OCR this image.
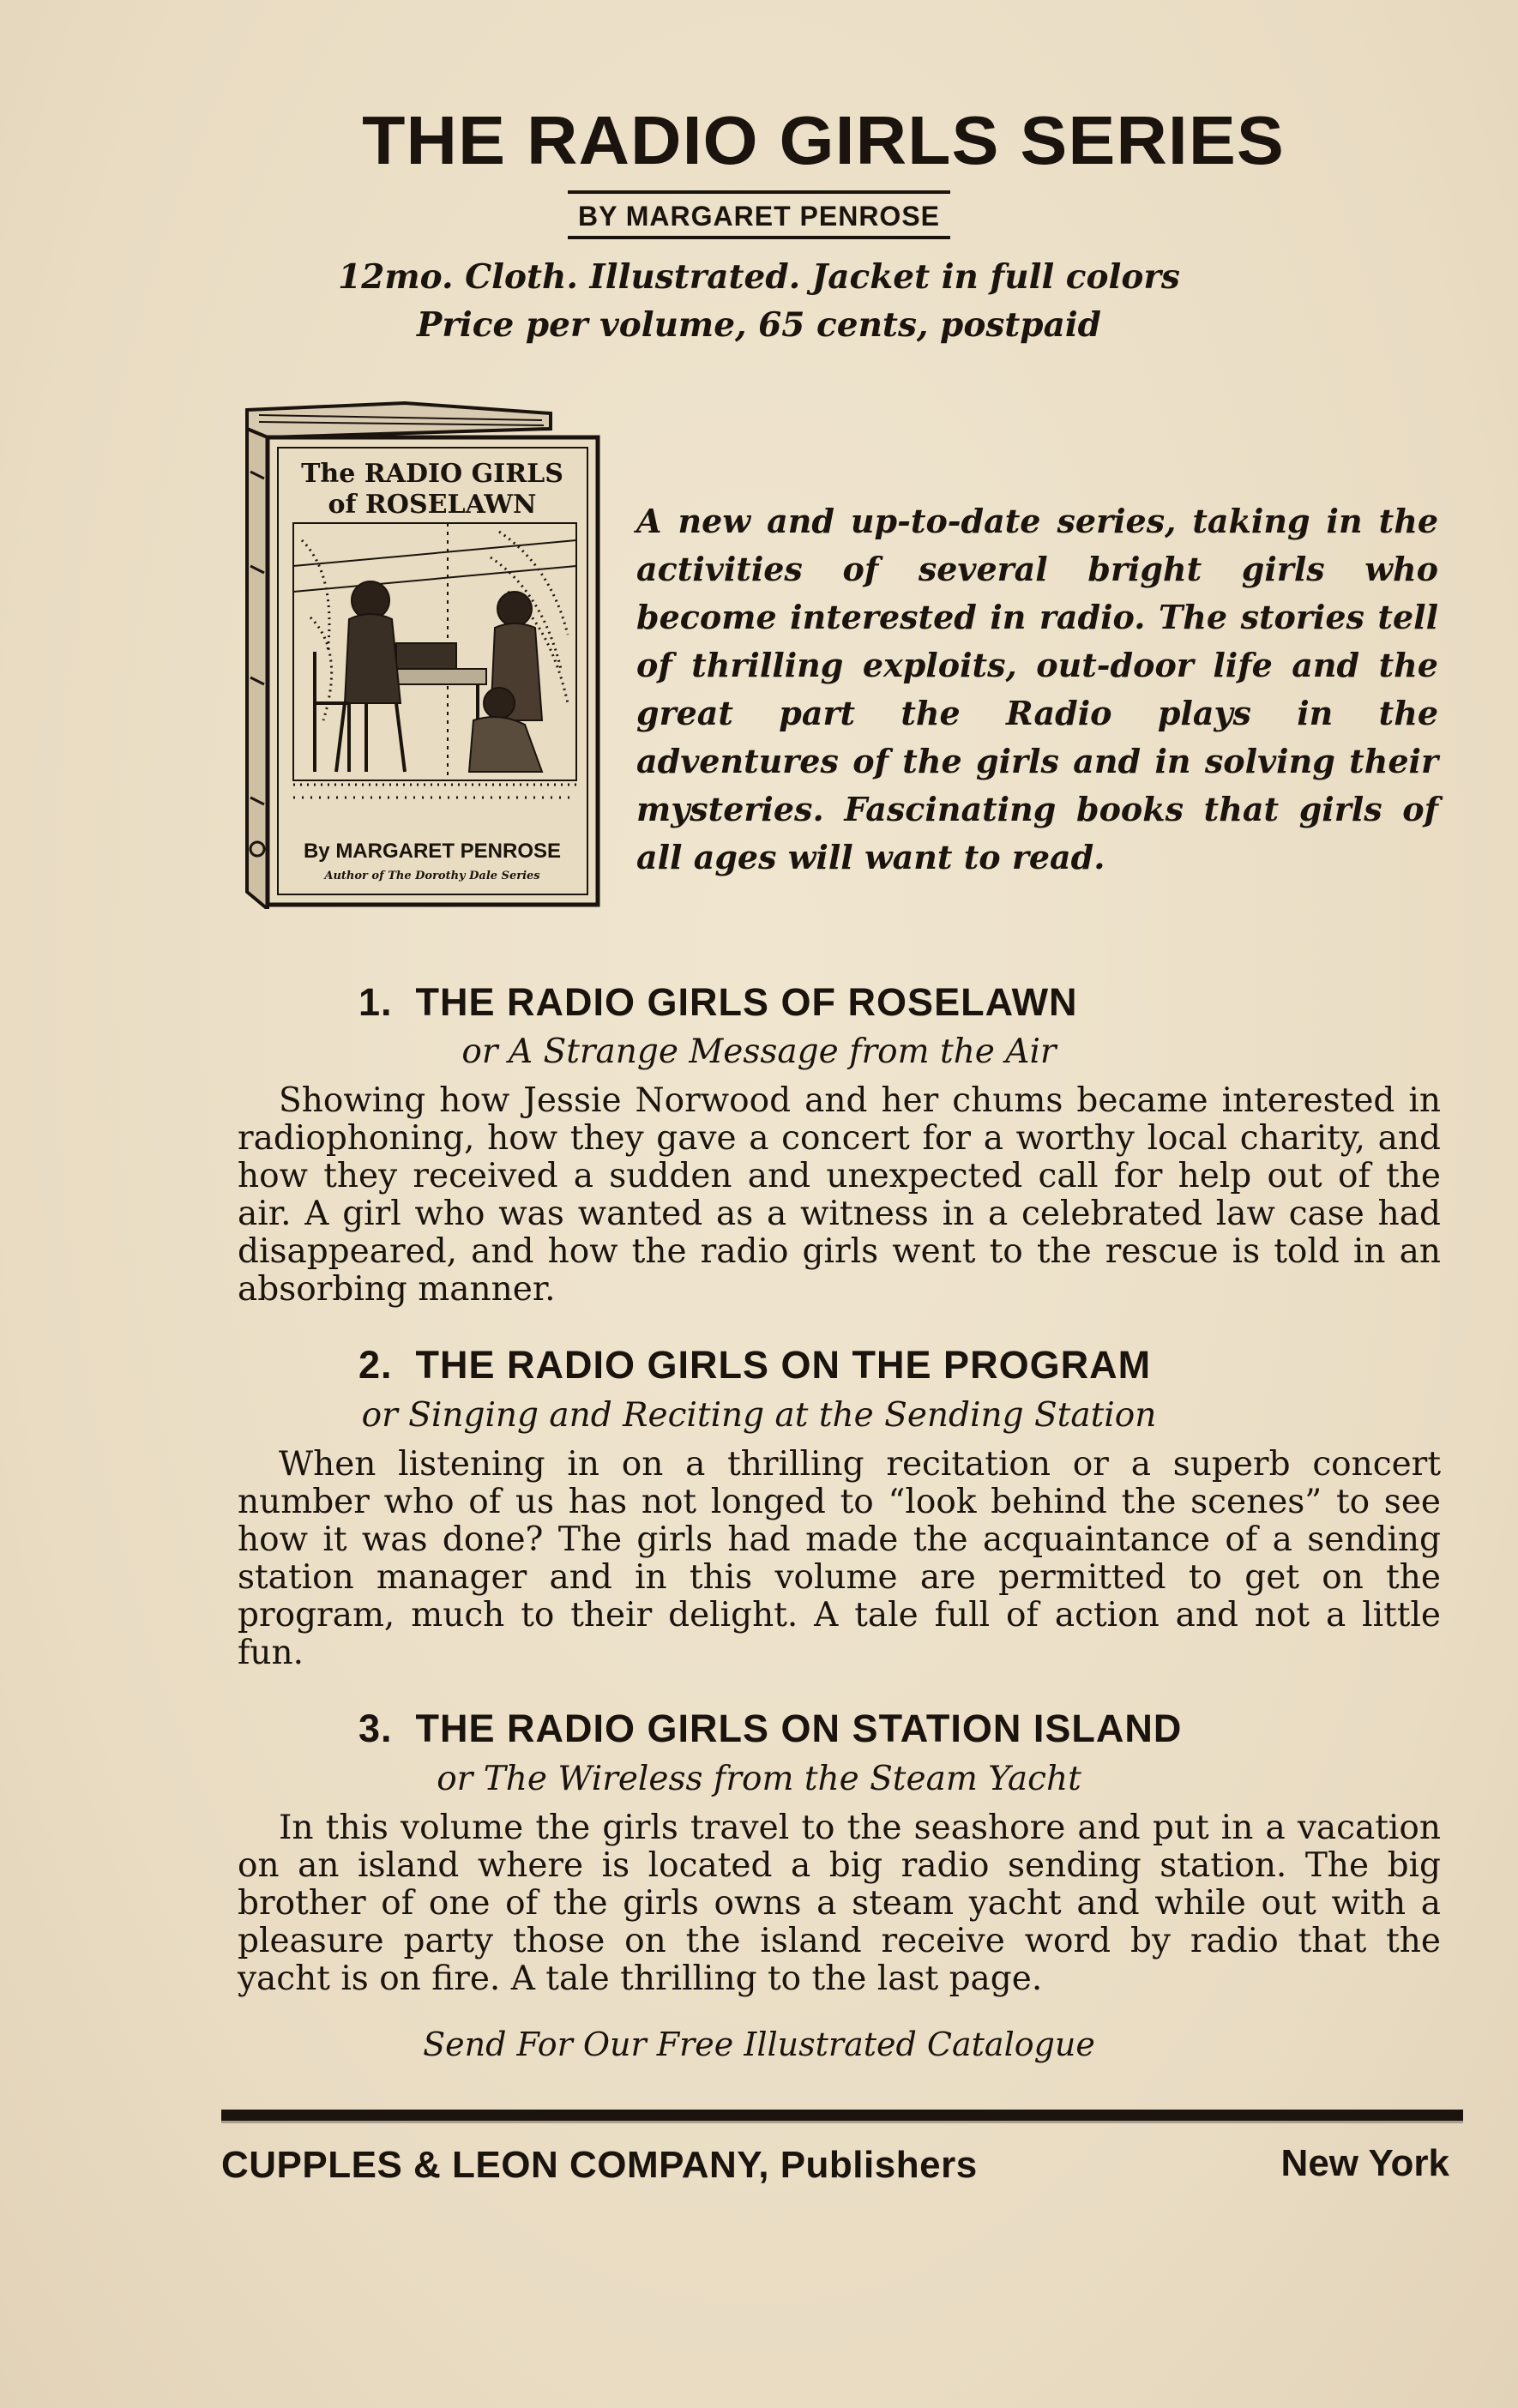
THE RADIO GIRLS SERIES
BY MARGARET PENROSE
12mo. Cloth. Illustrated. Jacket in full colors
Price per volume, 65 cents, postpaid
The RADIO GIRLS
of ROSELAWN
By MARGARET PENROSE
Author of The Dorothy Dale Series
A new and up-to-date series, taking in the activities of several bright girls who become interested in radio. The stories tell of thrilling exploits, out-door life and the great part the Radio plays in the adventures of the girls and in solving their mysteries. Fascinating books that girls of all ages will want to read.
1. THE RADIO GIRLS OF ROSELAWN
or A Strange Message from the Air
Showing how Jessie Norwood and her chums became interested in radiophoning, how they gave a concert for a worthy local charity, and how they received a sudden and unexpected call for help out of the air. A girl who was wanted as a witness in a celebrated law case had disappeared, and how the radio girls went to the rescue is told in an absorbing manner.
2. THE RADIO GIRLS ON THE PROGRAM
or Singing and Reciting at the Sending Station
When listening in on a thrilling recitation or a superb concert number who of us has not longed to “look behind the scenes” to see how it was done? The girls had made the acquaintance of a sending station manager and in this volume are permitted to get on the program, much to their delight. A tale full of action and not a little fun.
3. THE RADIO GIRLS ON STATION ISLAND
or The Wireless from the Steam Yacht
In this volume the girls travel to the seashore and put in a vacation on an island where is located a big radio sending station. The big brother of one of the girls owns a steam yacht and while out with a pleasure party those on the island receive word by radio that the yacht is on fire. A tale thrilling to the last page.
Send For Our Free Illustrated Catalogue
CUPPLES & LEON COMPANY, Publishers	New York
